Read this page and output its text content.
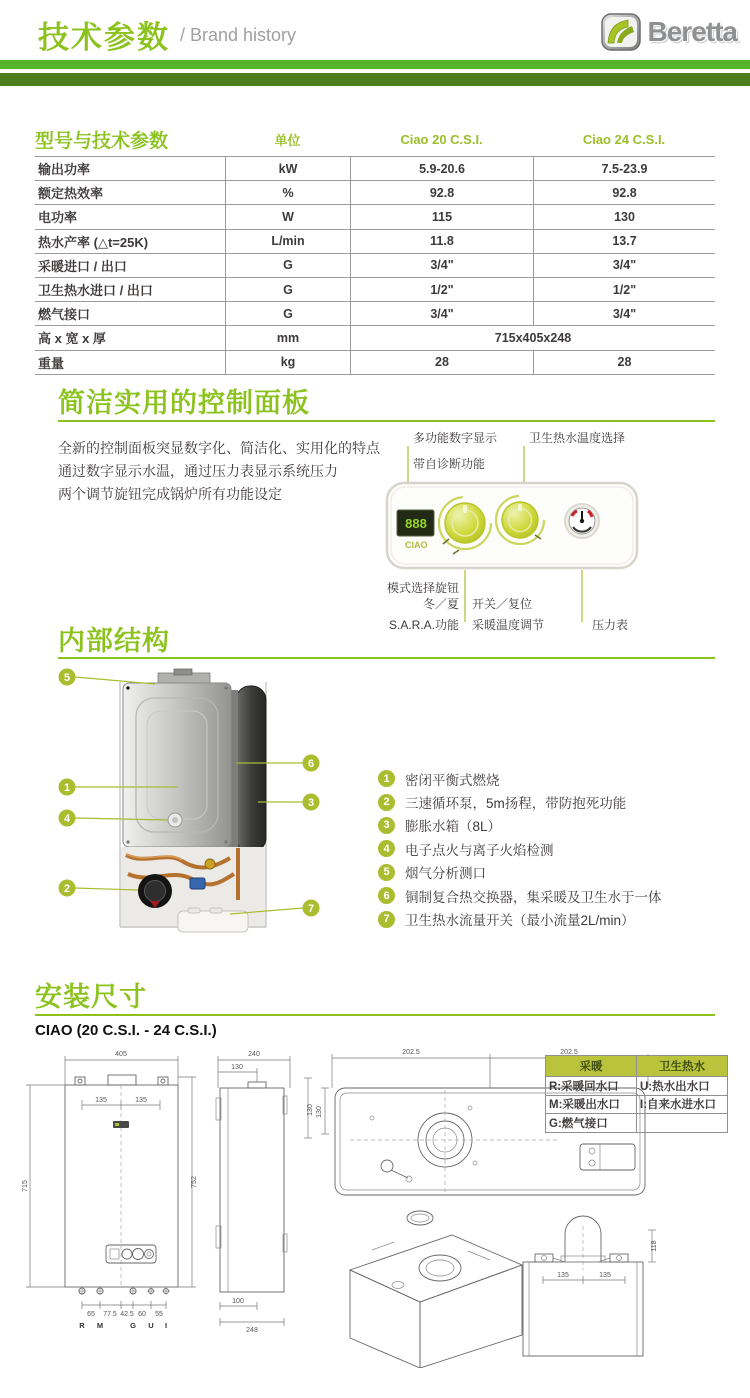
技术参数 / Brand history	Beretta
型号与技术参数	单位	Ciao 20 C.S.I.	Ciao 24 C.S.I.
输出功率	kW	5.9-20.6	7.5-23.9
额定热效率	%	92.8	92.8
电功率	W	115	130
热水产率 (△t=25K)	L/min	11.8	13.7
采暖进口 / 出口	G	3/4"	3/4"
卫生热水进口 / 出口	G	1/2"	1/2"
燃气接口	G	3/4"	3/4"
高 x 宽 x 厚	mm	715x405x248
重量	kg	28	28
简洁实用的控制面板
全新的控制面板突显数字化、简洁化、实用化的特点
通过数字显示水温，通过压力表显示系统压力
两个调节旋钮完成锅炉所有功能设定
多功能数字显示
带自诊断功能
卫生热水温度选择
888
CIAO
模式选择旋钮
冬／夏 开关／复位
S.A.R.A.功能 采暖温度调节	压力表
内部结构
5
1
4
2
6
3
7
1	密闭平衡式燃烧
2	三速循环泵，5m扬程，带防抱死功能
3	膨胀水箱（8L）
4	电子点火与离子火焰检测
5	烟气分析测口
6	铜制复合热交换器，集采暖及卫生水于一体
7	卫生热水流量开关（最小流量2L/min）
安装尺寸
CIAO (20 C.S.I. - 24 C.S.I.)
405
135	135
715	752
65 77.5 42.5 60 55
R M	G U I
240
130
130
100
248
202.5	202.5
130
135	135
118
采暖	卫生热水
R:采暖回水口	U:热水出水口
M:采暖出水口	I:自来水进水口
G:燃气接口	
